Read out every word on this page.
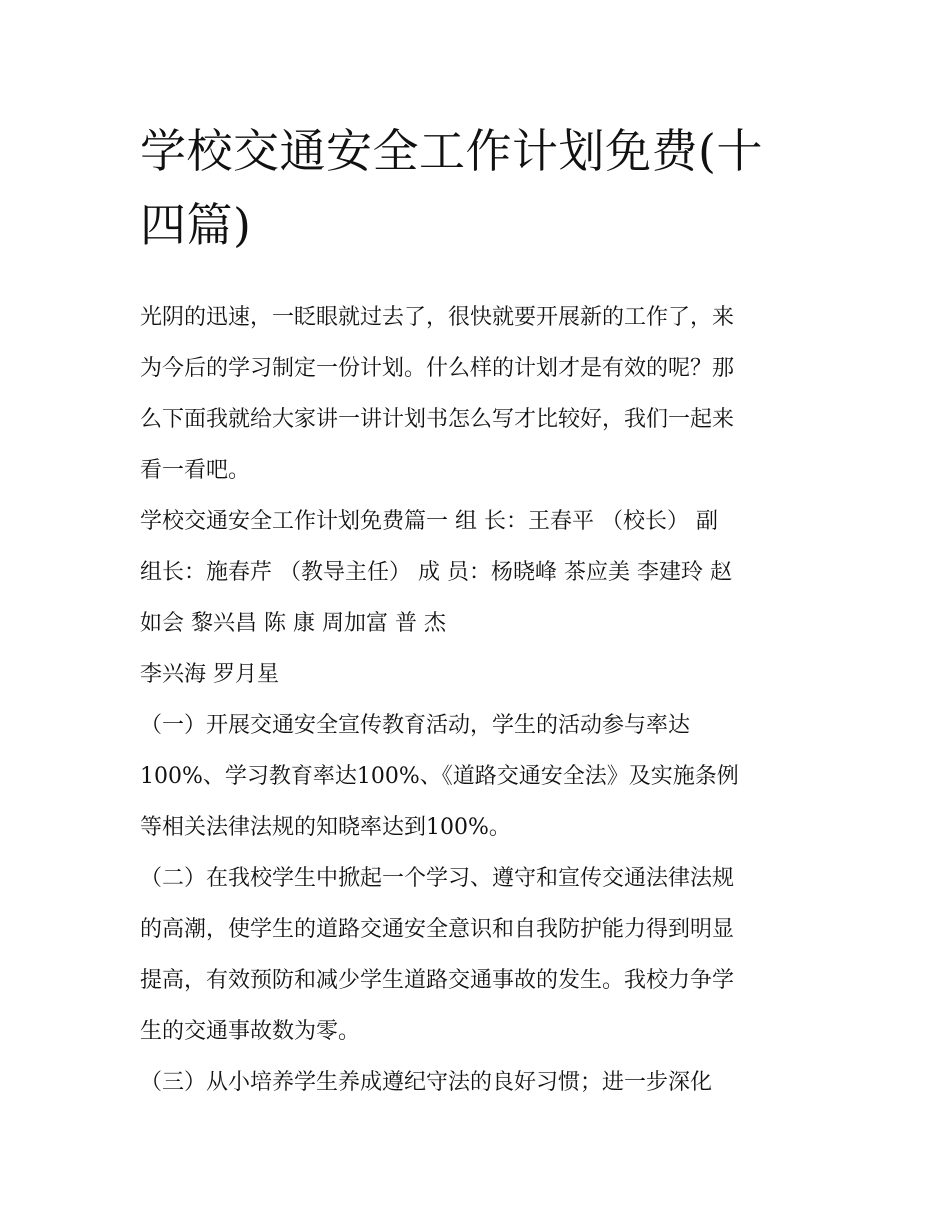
学校交通安全工作计划免费(十
四篇)

光阴的迅速，一眨眼就过去了，很快就要开展新的工作了，来
为今后的学习制定一份计划。什么样的计划才是有效的呢？那
么下面我就给大家讲一讲计划书怎么写才比较好，我们一起来
看一看吧。

学校交通安全工作计划免费篇一 组 长：王春平 （校长） 副
组长：施春芹 （教导主任） 成 员：杨晓峰 茶应美 李建玲 赵
如会 黎兴昌 陈 康 周加富 普 杰

李兴海 罗月星

（一）开展交通安全宣传教育活动，学生的活动参与率达
100%、学习教育率达100%、《道路交通安全法》及实施条例
等相关法律法规的知晓率达到100%。

（二）在我校学生中掀起一个学习、遵守和宣传交通法律法规
的高潮，使学生的道路交通安全意识和自我防护能力得到明显
提高，有效预防和减少学生道路交通事故的发生。我校力争学
生的交通事故数为零。

（三）从小培养学生养成遵纪守法的良好习惯；进一步深化
